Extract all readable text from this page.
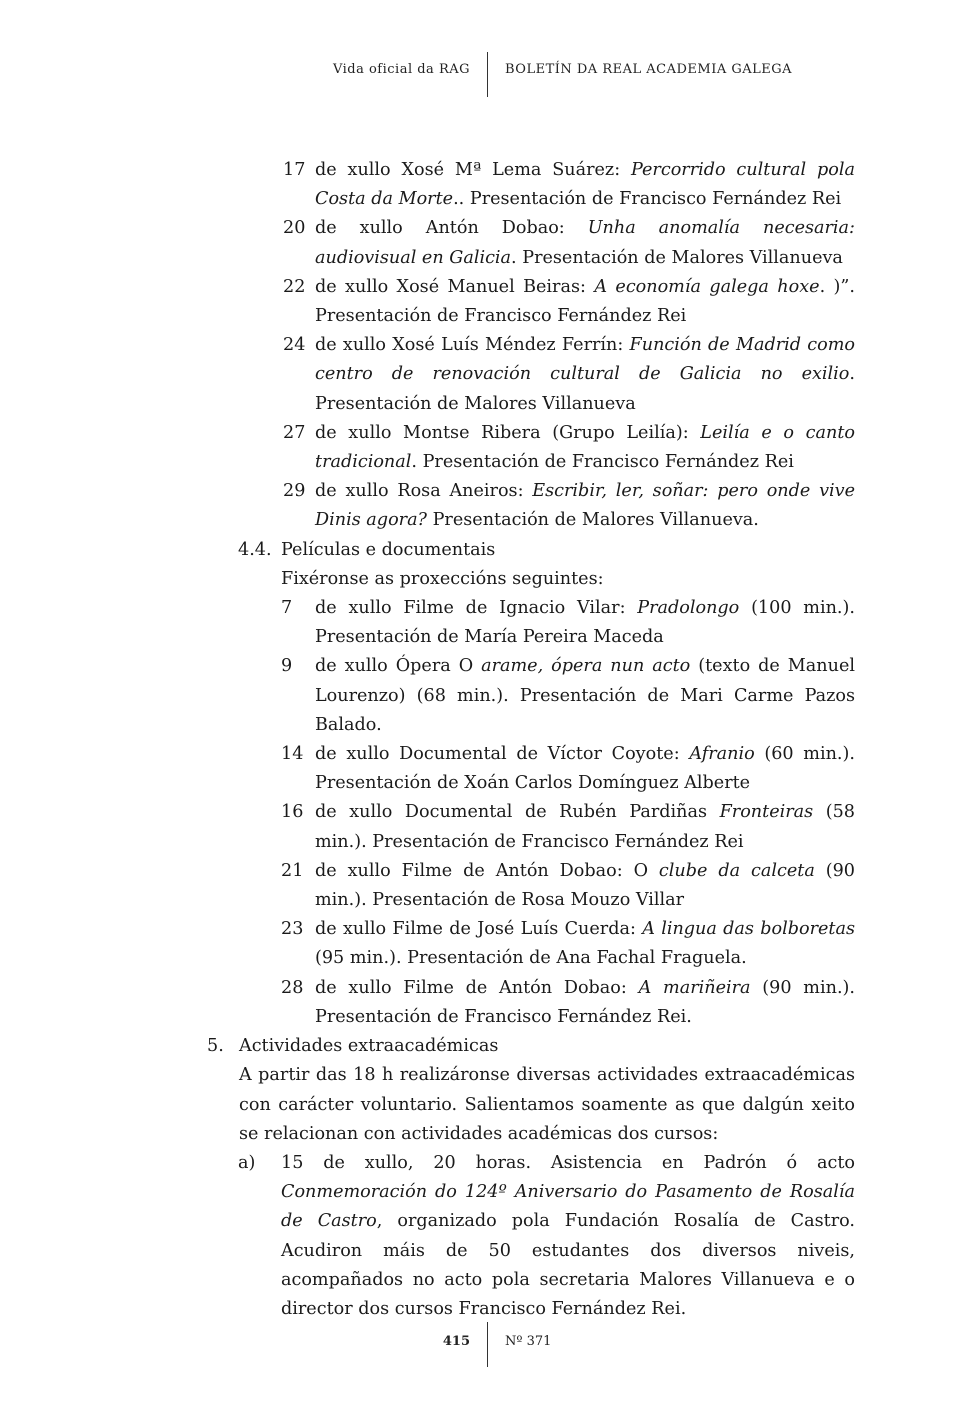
Vida oficial da RAG	BOLETÍN DA REAL ACADEMIA GALEGA
17 de xullo Xosé Mª Lema Suárez: Percorrido cultural pola Costa da Morte.. Presentación de Francisco Fernández Rei
20 de xullo Antón Dobao: Unha anomalía necesaria: audiovisual en Galicia. Presentación de Malores Villanueva
22 de xullo Xosé Manuel Beiras: A economía galega hoxe. )”. Presentación de Francisco Fernández Rei
24 de xullo Xosé Luís Méndez Ferrín: Función de Madrid como centro de renovación cultural de Galicia no exilio. Presentación de Malores Villanueva
27 de xullo Montse Ribera (Grupo Leilía): Leilía e o canto tradicional. Presentación de Francisco Fernández Rei
29 de xullo Rosa Aneiros: Escribir, ler, soñar: pero onde vive Dinis agora? Presentación de Malores Villanueva.
4.4. Películas e documentais
Fixéronse as proxeccións seguintes:
7 de xullo Filme de Ignacio Vilar: Pradolongo (100 min.). Presentación de María Pereira Maceda
9 de xullo Ópera O arame, ópera nun acto (texto de Manuel Lourenzo) (68 min.). Presentación de Mari Carme Pazos Balado.
14 de xullo Documental de Víctor Coyote: Afranio (60 min.). Presentación de Xoán Carlos Domínguez Alberte
16 de xullo Documental de Rubén Pardiñas Fronteiras (58 min.). Presentación de Francisco Fernández Rei
21 de xullo Filme de Antón Dobao: O clube da calceta (90 min.). Presentación de Rosa Mouzo Villar
23 de xullo Filme de José Luís Cuerda: A lingua das bolboretas (95 min.). Presentación de Ana Fachal Fraguela.
28 de xullo Filme de Antón Dobao: A mariñeira (90 min.). Presentación de Francisco Fernández Rei.
5. Actividades extraacadémicas
A partir das 18 h realizáronse diversas actividades extraacadémicas con carácter voluntario. Salientamos soamente as que dalgún xeito se relacionan con actividades académicas dos cursos:
a) 15 de xullo, 20 horas. Asistencia en Padrón ó acto Conmemoración do 124º Aniversario do Pasamento de Rosalía de Castro, organizado pola Fundación Rosalía de Castro. Acudiron máis de 50 estudantes dos diversos niveis, acompañados no acto pola secretaria Malores Villanueva e o director dos cursos Francisco Fernández Rei.
415	Nº 371
